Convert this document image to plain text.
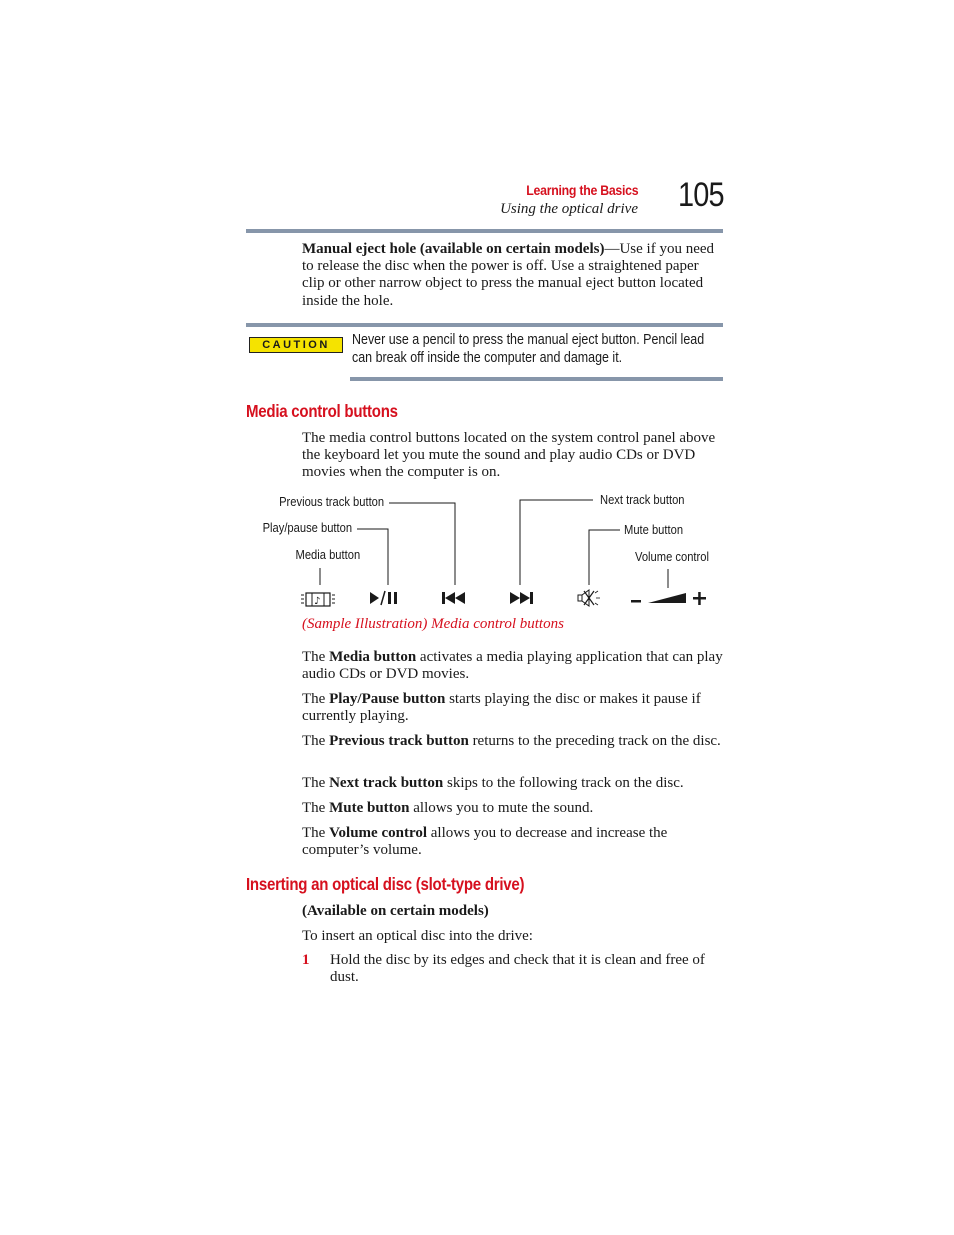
Learning the Basics
Using the optical drive 105
Manual eject hole (available on certain models)—Use if you need to release the disc when the power is off. Use a straightened paper clip or other narrow object to press the manual eject button located inside the hole.
CAUTION	Never use a pencil to press the manual eject button. Pencil lead can break off inside the computer and damage it.
Media control buttons
The media control buttons located on the system control panel above the keyboard let you mute the sound and play audio CDs or DVD movies when the computer is on.
Previous track button
Play/pause button
Media button
Next track button
Mute button
Volume control
♪
(Sample Illustration) Media control buttons
The Media button activates a media playing application that can play audio CDs or DVD movies.
The Play/Pause button starts playing the disc or makes it pause if currently playing.
The Previous track button returns to the preceding track on the disc.
The Next track button skips to the following track on the disc.
The Mute button allows you to mute the sound.
The Volume control allows you to decrease and increase the computer’s volume.
Inserting an optical disc (slot-type drive)
(Available on certain models)
To insert an optical disc into the drive:
1 Hold the disc by its edges and check that it is clean and free of dust.
